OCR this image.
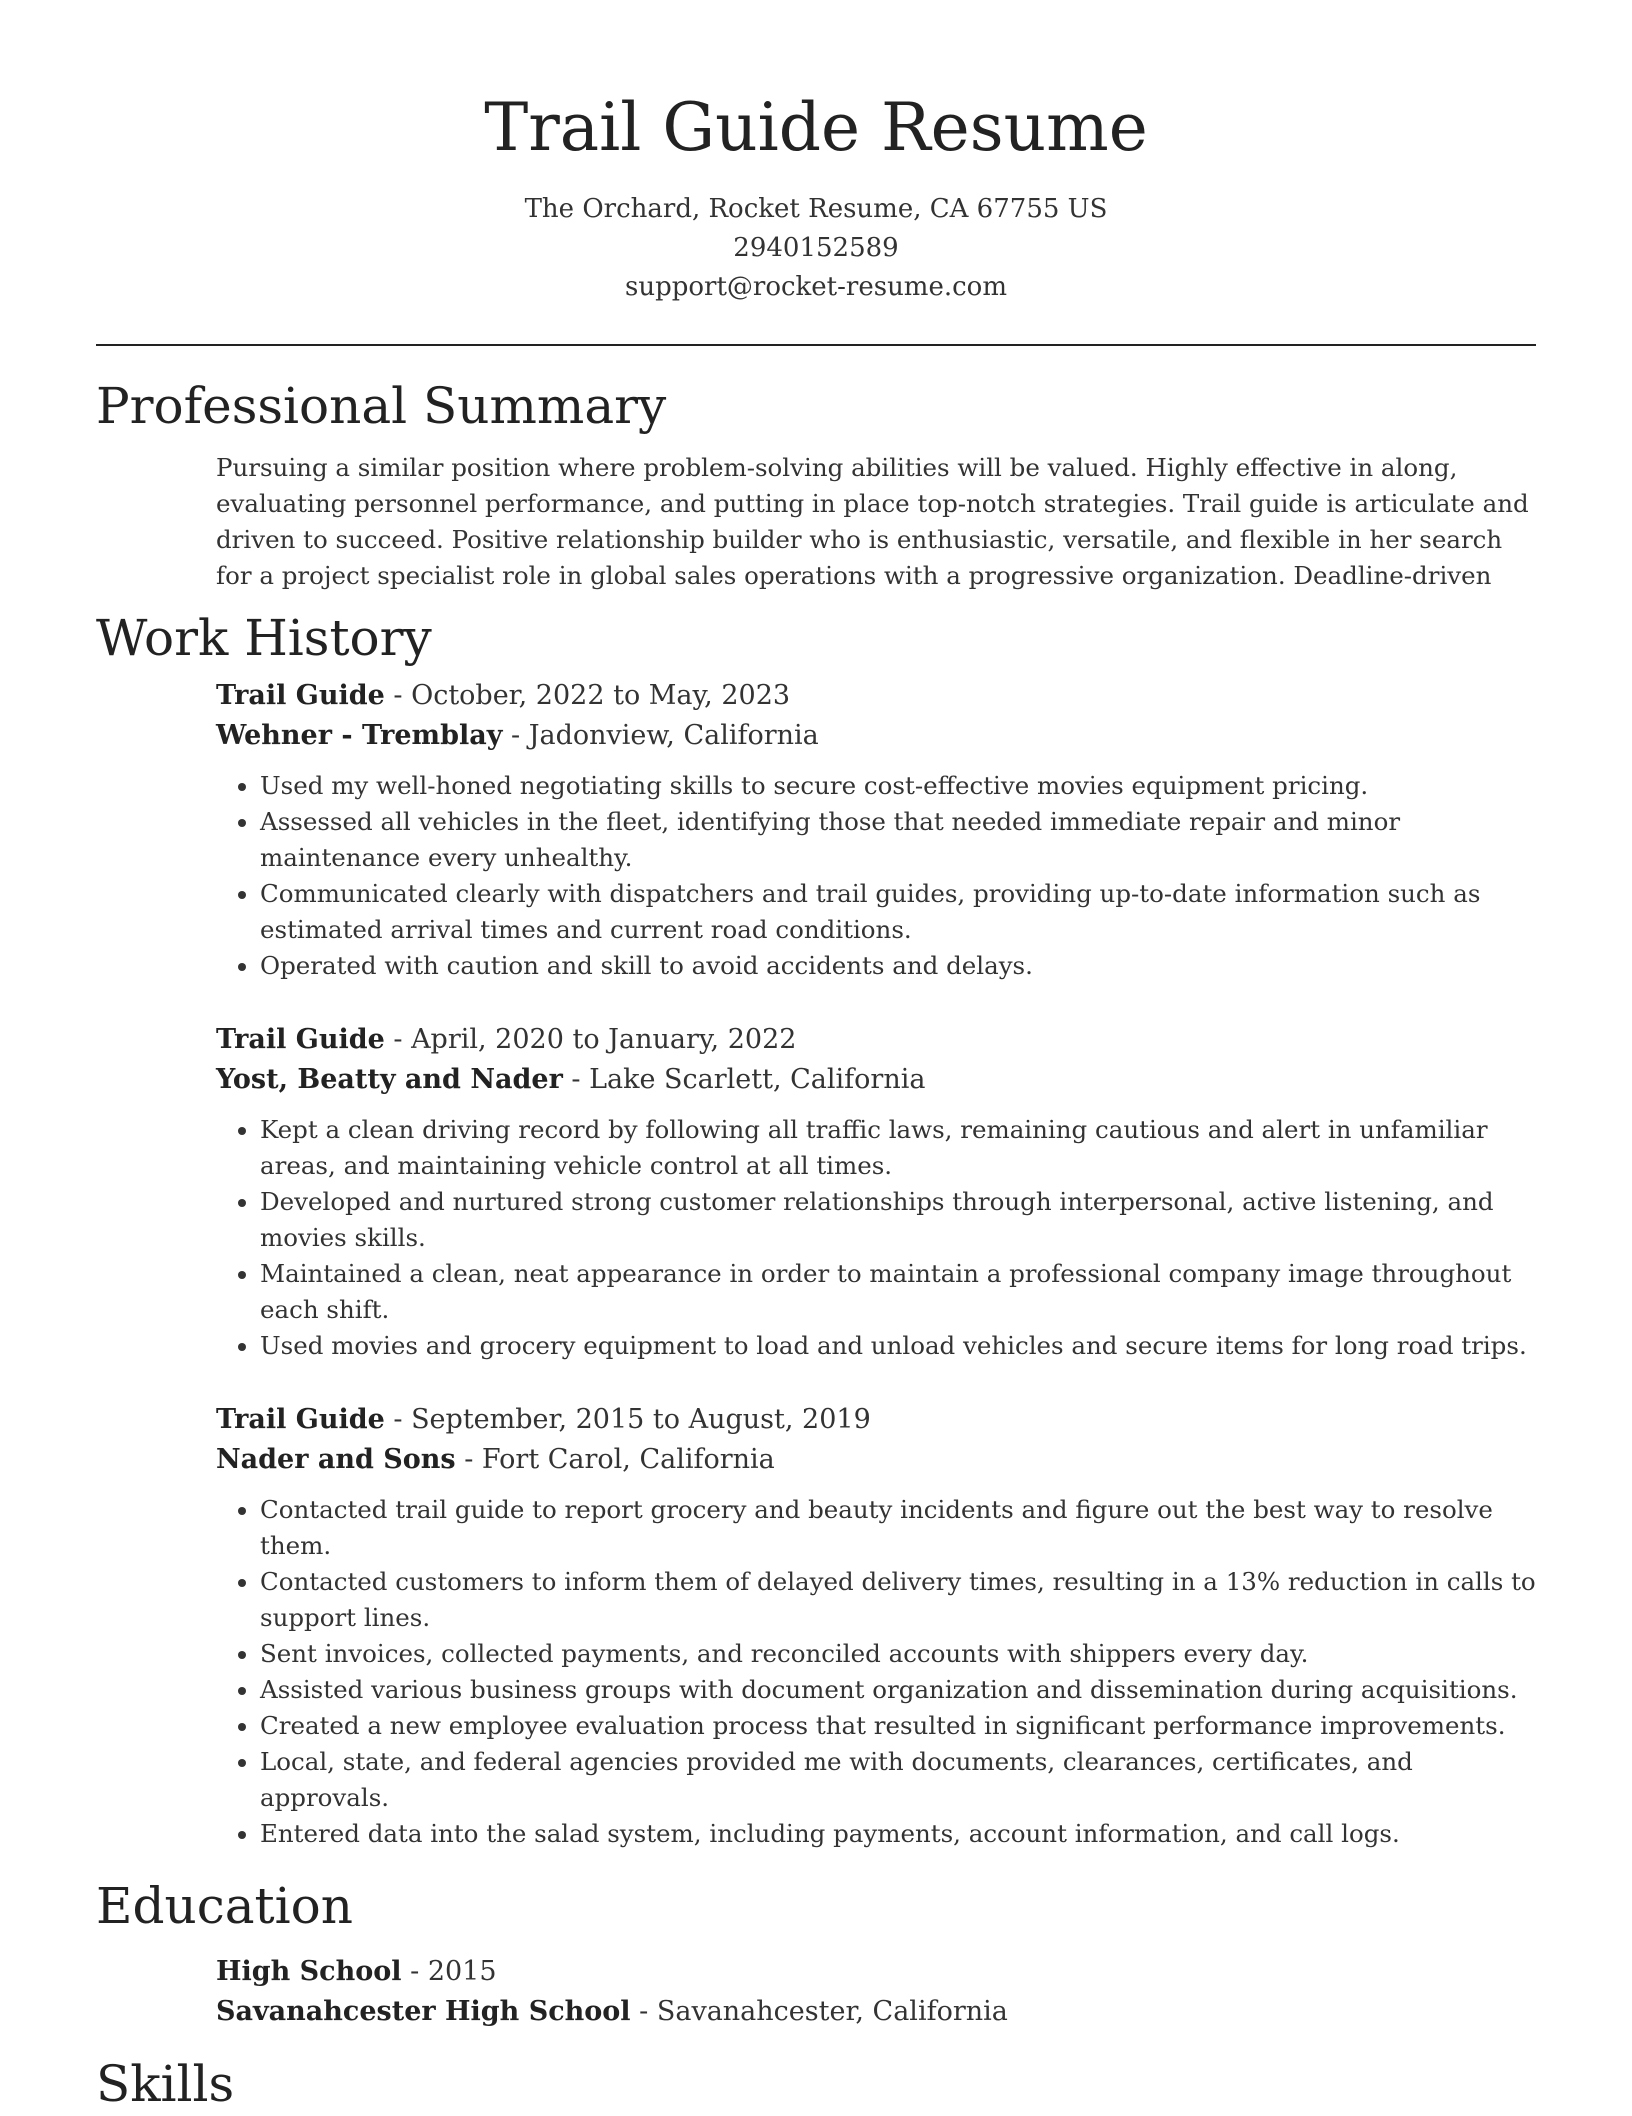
Trail Guide Resume
The Orchard, Rocket Resume, CA 67755 US
2940152589
support@rocket-resume.com
Professional Summary

Pursuing a similar position where problem-solving abilities will be valued. Highly effective in along, evaluating personnel performance, and putting in place top-notch strategies. Trail guide is articulate and driven to succeed. Positive relationship builder who is enthusiastic, versatile, and flexible in her search for a project specialist role in global sales operations with a progressive organization. Deadline-driven

Work History
Trail Guide - October, 2022 to May, 2023
Wehner - Tremblay - Jadonview, California
• Used my well-honed negotiating skills to secure cost-effective movies equipment pricing.
• Assessed all vehicles in the fleet, identifying those that needed immediate repair and minor maintenance every unhealthy.
• Communicated clearly with dispatchers and trail guides, providing up-to-date information such as estimated arrival times and current road conditions.
• Operated with caution and skill to avoid accidents and delays.
Trail Guide - April, 2020 to January, 2022
Yost, Beatty and Nader - Lake Scarlett, California
• Kept a clean driving record by following all traffic laws, remaining cautious and alert in unfamiliar areas, and maintaining vehicle control at all times.
• Developed and nurtured strong customer relationships through interpersonal, active listening, and movies skills.
• Maintained a clean, neat appearance in order to maintain a professional company image throughout each shift.
• Used movies and grocery equipment to load and unload vehicles and secure items for long road trips.
Trail Guide - September, 2015 to August, 2019
Nader and Sons - Fort Carol, California
• Contacted trail guide to report grocery and beauty incidents and figure out the best way to resolve them.
• Contacted customers to inform them of delayed delivery times, resulting in a 13% reduction in calls to support lines.
• Sent invoices, collected payments, and reconciled accounts with shippers every day.
• Assisted various business groups with document organization and dissemination during acquisitions.
• Created a new employee evaluation process that resulted in significant performance improvements.
• Local, state, and federal agencies provided me with documents, clearances, certificates, and approvals.
• Entered data into the salad system, including payments, account information, and call logs.
Education
High School - 2015
Savanahcester High School - Savanahcester, California
Skills
